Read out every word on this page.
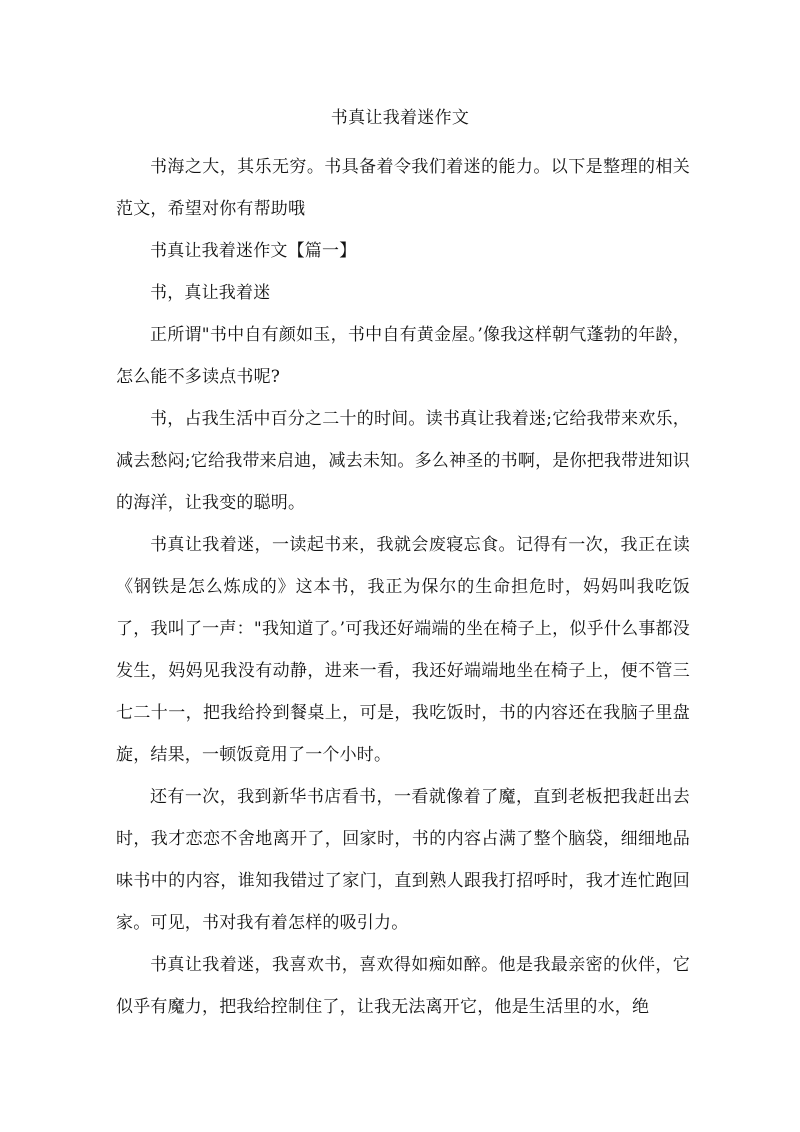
书真让我着迷作文

书海之大，其乐无穷。书具备着令我们着迷的能力。以下是整理的相关范文，希望对你有帮助哦

书真让我着迷作文【篇一】

书，真让我着迷

正所谓"书中自有颜如玉，书中自有黄金屋。’像我这样朝气蓬勃的年龄，怎么能不多读点书呢?

书，占我生活中百分之二十的时间。读书真让我着迷;它给我带来欢乐，减去愁闷;它给我带来启迪，减去未知。多么神圣的书啊，是你把我带进知识的海洋，让我变的聪明。

书真让我着迷，一读起书来，我就会废寝忘食。记得有一次，我正在读《钢铁是怎么炼成的》这本书，我正为保尔的生命担危时，妈妈叫我吃饭了，我叫了一声："我知道了。’可我还好端端的坐在椅子上，似乎什么事都没发生，妈妈见我没有动静，进来一看，我还好端端地坐在椅子上，便不管三七二十一，把我给拎到餐桌上，可是，我吃饭时，书的内容还在我脑子里盘旋，结果，一顿饭竟用了一个小时。

还有一次，我到新华书店看书，一看就像着了魔，直到老板把我赶出去时，我才恋恋不舍地离开了，回家时，书的内容占满了整个脑袋，细细地品味书中的内容，谁知我错过了家门，直到熟人跟我打招呼时，我才连忙跑回家。可见，书对我有着怎样的吸引力。

书真让我着迷，我喜欢书，喜欢得如痴如醉。他是我最亲密的伙伴，它似乎有魔力，把我给控制住了，让我无法离开它，他是生活里的水，绝
